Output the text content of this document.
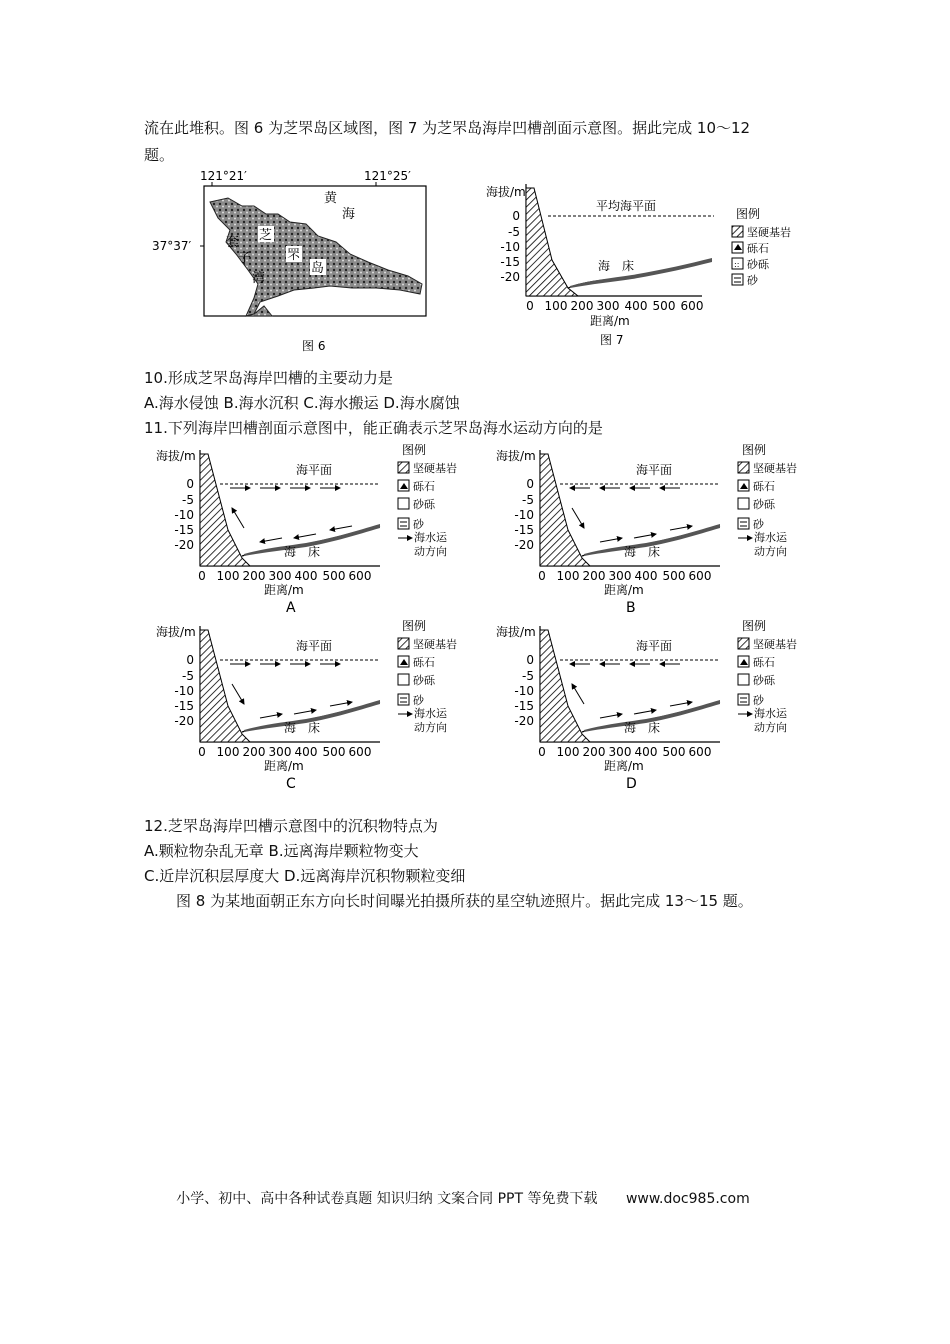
流在此堆积。图 6 为芝罘岛区域图，图 7 为芝罘岛海岸凹槽剖面示意图。据此完成 10～12
题。
121°21′	121°25′
37°37′
黄
海
套
子
湾
芝
罘
岛
图 6
海拔/m
0
-5
-10
-15
-20
平均海平面
海　床
0 100 200 300 400 500 600
距离/m
图 7
图例
坚硬基岩
砾石
:: 砂砾
砂
10.形成芝罘岛海岸凹槽的主要动力是
A.海水侵蚀 B.海水沉积 C.海水搬运 D.海水腐蚀
11.下列海岸凹槽剖面示意图中，能正确表示芝罘岛海水运动方向的是
海拔/m
0
-5
-10
-15
-20
海平面
海　床
0 100 200 300 400 500 600
距离/m
A
图例
坚硬基岩
砾石
砂砾
砂
海水运
动方向
海拔/m
0
-5
-10
-15
-20
海平面
海　床
0 100 200 300 400 500 600
距离/m
B
图例
坚硬基岩
砾石
砂砾
砂
海水运
动方向
海拔/m
0
-5
-10
-15
-20
海平面
海　床
0 100 200 300 400 500 600
距离/m
C
图例
坚硬基岩
砾石
砂砾
砂
海水运
动方向
海拔/m
0
-5
-10
-15
-20
海平面
海　床
0 100 200 300 400 500 600
距离/m
D
图例
坚硬基岩
砾石
砂砾
砂
海水运
动方向
12.芝罘岛海岸凹槽示意图中的沉积物特点为
A.颗粒物杂乱无章 B.远离海岸颗粒物变大
C.近岸沉积层厚度大 D.远离海岸沉积物颗粒变细
图 8 为某地面朝正东方向长时间曝光拍摄所获的星空轨迹照片。据此完成 13～15 题。
小学、初中、高中各种试卷真题 知识归纳 文案合同 PPT 等免费下载 www.doc985.com
